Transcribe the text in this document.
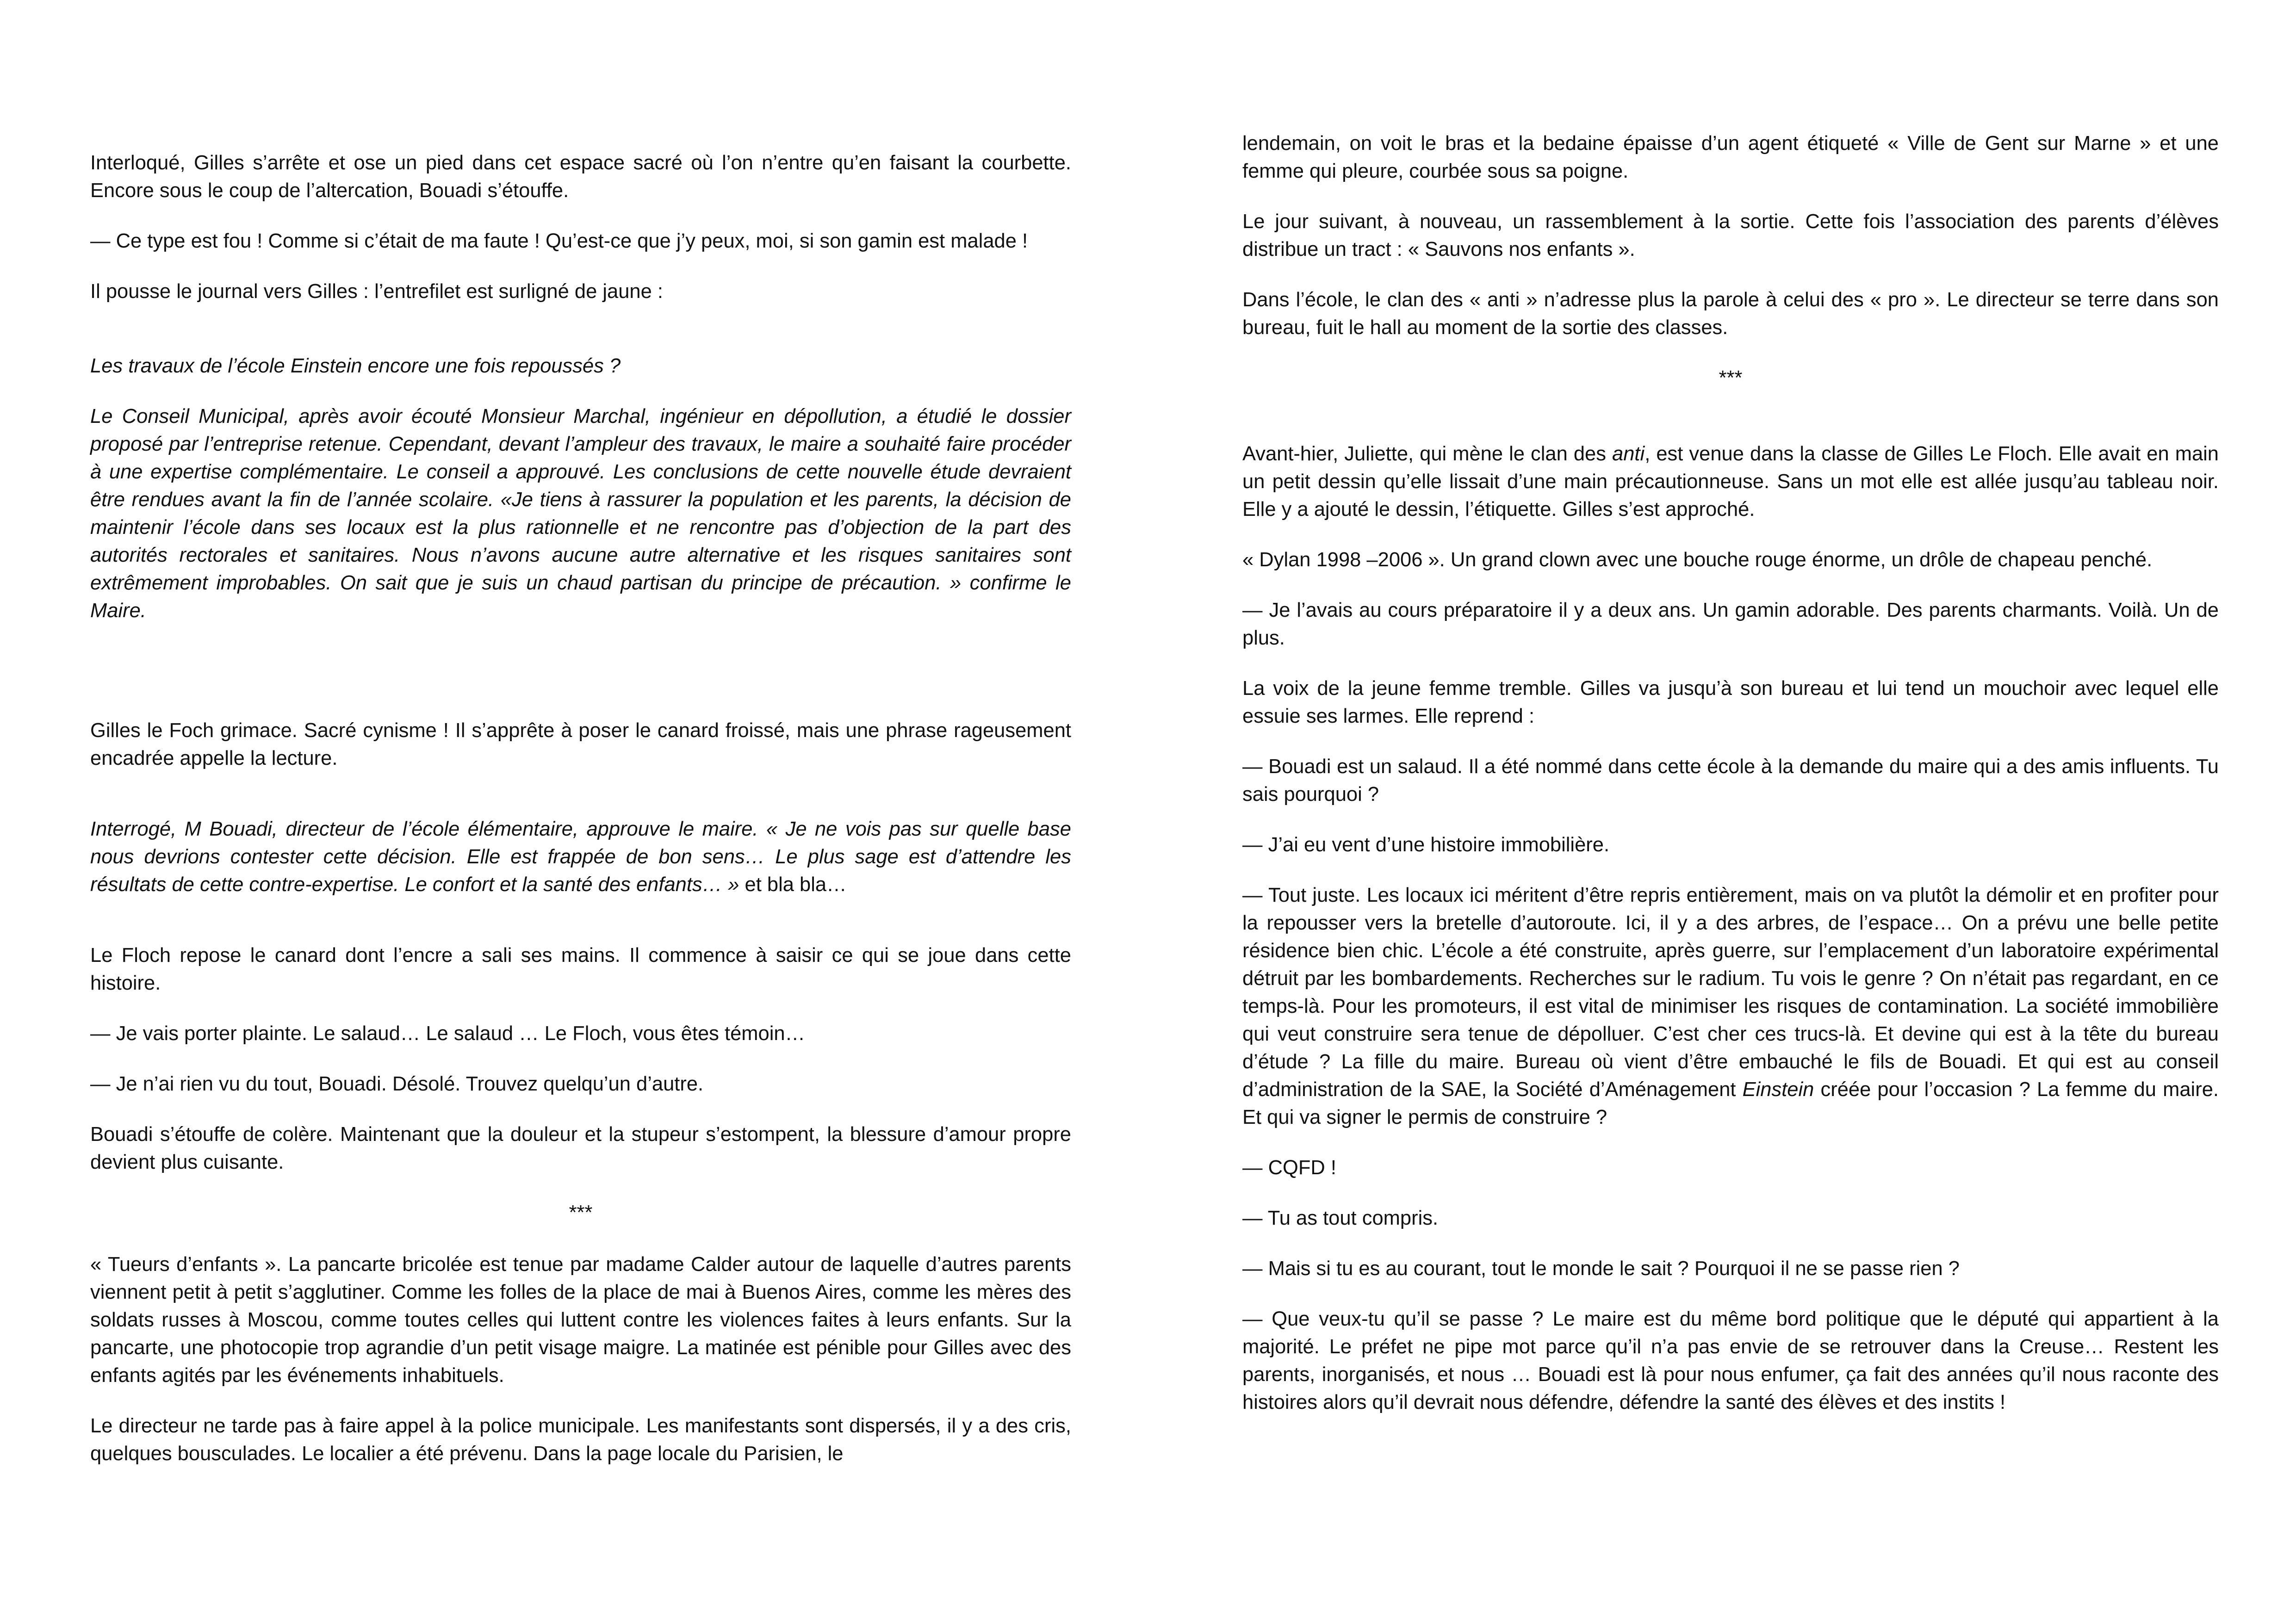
Interloqué, Gilles s’arrête et ose un pied dans cet espace sacré où l’on n’entre qu’en faisant la courbette. Encore sous le coup de l’altercation, Bouadi s’étouffe.

— Ce type est fou ! Comme si c’était de ma faute ! Qu’est-ce que j’y peux, moi, si son gamin est malade !

Il pousse le journal vers Gilles : l’entrefilet est surligné de jaune :

Les travaux de l’école Einstein encore une fois repoussés ?

Le Conseil Municipal, après avoir écouté Monsieur Marchal, ingénieur en dépollution, a étudié le dossier proposé par l’entreprise retenue. Cependant, devant l’ampleur des travaux, le maire a souhaité faire procéder à une expertise complémentaire. Le conseil a approuvé. Les conclusions de cette nouvelle étude devraient être rendues avant la fin de l’année scolaire. «Je tiens à rassurer la population et les parents, la décision de maintenir l’école dans ses locaux est la plus rationnelle et ne rencontre pas d’objection de la part des autorités rectorales et sanitaires. Nous n’avons aucune autre alternative et les risques sanitaires sont extrêmement improbables. On sait que je suis un chaud partisan du principe de précaution. » confirme le Maire.

Gilles le Foch grimace. Sacré cynisme ! Il s’apprête à poser le canard froissé, mais une phrase rageusement encadrée appelle la lecture.

Interrogé, M Bouadi, directeur de l’école élémentaire, approuve le maire. « Je ne vois pas sur quelle base nous devrions contester cette décision. Elle est frappée de bon sens… Le plus sage est d’attendre les résultats de cette contre-expertise. Le confort et la santé des enfants… » et bla bla…

Le Floch repose le canard dont l’encre a sali ses mains. Il commence à saisir ce qui se joue dans cette histoire.

— Je vais porter plainte. Le salaud… Le salaud … Le Floch, vous êtes témoin…

— Je n’ai rien vu du tout, Bouadi. Désolé. Trouvez quelqu’un d’autre.

Bouadi s’étouffe de colère. Maintenant que la douleur et la stupeur s’estompent, la blessure d’amour propre devient plus cuisante.

***

« Tueurs d’enfants ». La pancarte bricolée est tenue par madame Calder autour de laquelle d’autres parents viennent petit à petit s’agglutiner. Comme les folles de la place de mai à Buenos Aires, comme les mères des soldats russes à Moscou, comme toutes celles qui luttent contre les violences faites à leurs enfants. Sur la pancarte, une photocopie trop agrandie d’un petit visage maigre. La matinée est pénible pour Gilles avec des enfants agités par les événements inhabituels.

Le directeur ne tarde pas à faire appel à la police municipale. Les manifestants sont dispersés, il y a des cris, quelques bousculades. Le localier a été prévenu. Dans la page locale du Parisien, le

lendemain, on voit le bras et la bedaine épaisse d’un agent étiqueté « Ville de Gent sur Marne » et une femme qui pleure, courbée sous sa poigne.

Le jour suivant, à nouveau, un rassemblement à la sortie. Cette fois l’association des parents d’élèves distribue un tract : « Sauvons nos enfants ».

Dans l’école, le clan des « anti » n’adresse plus la parole à celui des « pro ». Le directeur se terre dans son bureau, fuit le hall au moment de la sortie des classes.

***

Avant-hier, Juliette, qui mène le clan des anti, est venue dans la classe de Gilles Le Floch. Elle avait en main un petit dessin qu’elle lissait d’une main précautionneuse. Sans un mot elle est allée jusqu’au tableau noir. Elle y a ajouté le dessin, l’étiquette. Gilles s’est approché.

« Dylan 1998 –2006 ». Un grand clown avec une bouche rouge énorme, un drôle de chapeau penché.

— Je l’avais au cours préparatoire il y a deux ans. Un gamin adorable. Des parents charmants. Voilà. Un de plus.

La voix de la jeune femme tremble. Gilles va jusqu’à son bureau et lui tend un mouchoir avec lequel elle essuie ses larmes. Elle reprend :

— Bouadi est un salaud. Il a été nommé dans cette école à la demande du maire qui a des amis influents. Tu sais pourquoi ?

— J’ai eu vent d’une histoire immobilière.

— Tout juste. Les locaux ici méritent d’être repris entièrement, mais on va plutôt la démolir et en profiter pour la repousser vers la bretelle d’autoroute. Ici, il y a des arbres, de l’espace… On a prévu une belle petite résidence bien chic. L’école a été construite, après guerre, sur l’emplacement d’un laboratoire expérimental détruit par les bombardements. Recherches sur le radium. Tu vois le genre ? On n’était pas regardant, en ce temps-là. Pour les promoteurs, il est vital de minimiser les risques de contamination. La société immobilière qui veut construire sera tenue de dépolluer. C’est cher ces trucs-là. Et devine qui est à la tête du bureau d’étude ? La fille du maire. Bureau où vient d’être embauché le fils de Bouadi. Et qui est au conseil d’administration de la SAE, la Société d’Aménagement Einstein créée pour l’occasion ? La femme du maire. Et qui va signer le permis de construire ?

— CQFD !

— Tu as tout compris.

— Mais si tu es au courant, tout le monde le sait ? Pourquoi il ne se passe rien ?

— Que veux-tu qu’il se passe ? Le maire est du même bord politique que le député qui appartient à la majorité. Le préfet ne pipe mot parce qu’il n’a pas envie de se retrouver dans la Creuse… Restent les parents, inorganisés, et nous … Bouadi est là pour nous enfumer, ça fait des années qu’il nous raconte des histoires alors qu’il devrait nous défendre, défendre la santé des élèves et des instits !
